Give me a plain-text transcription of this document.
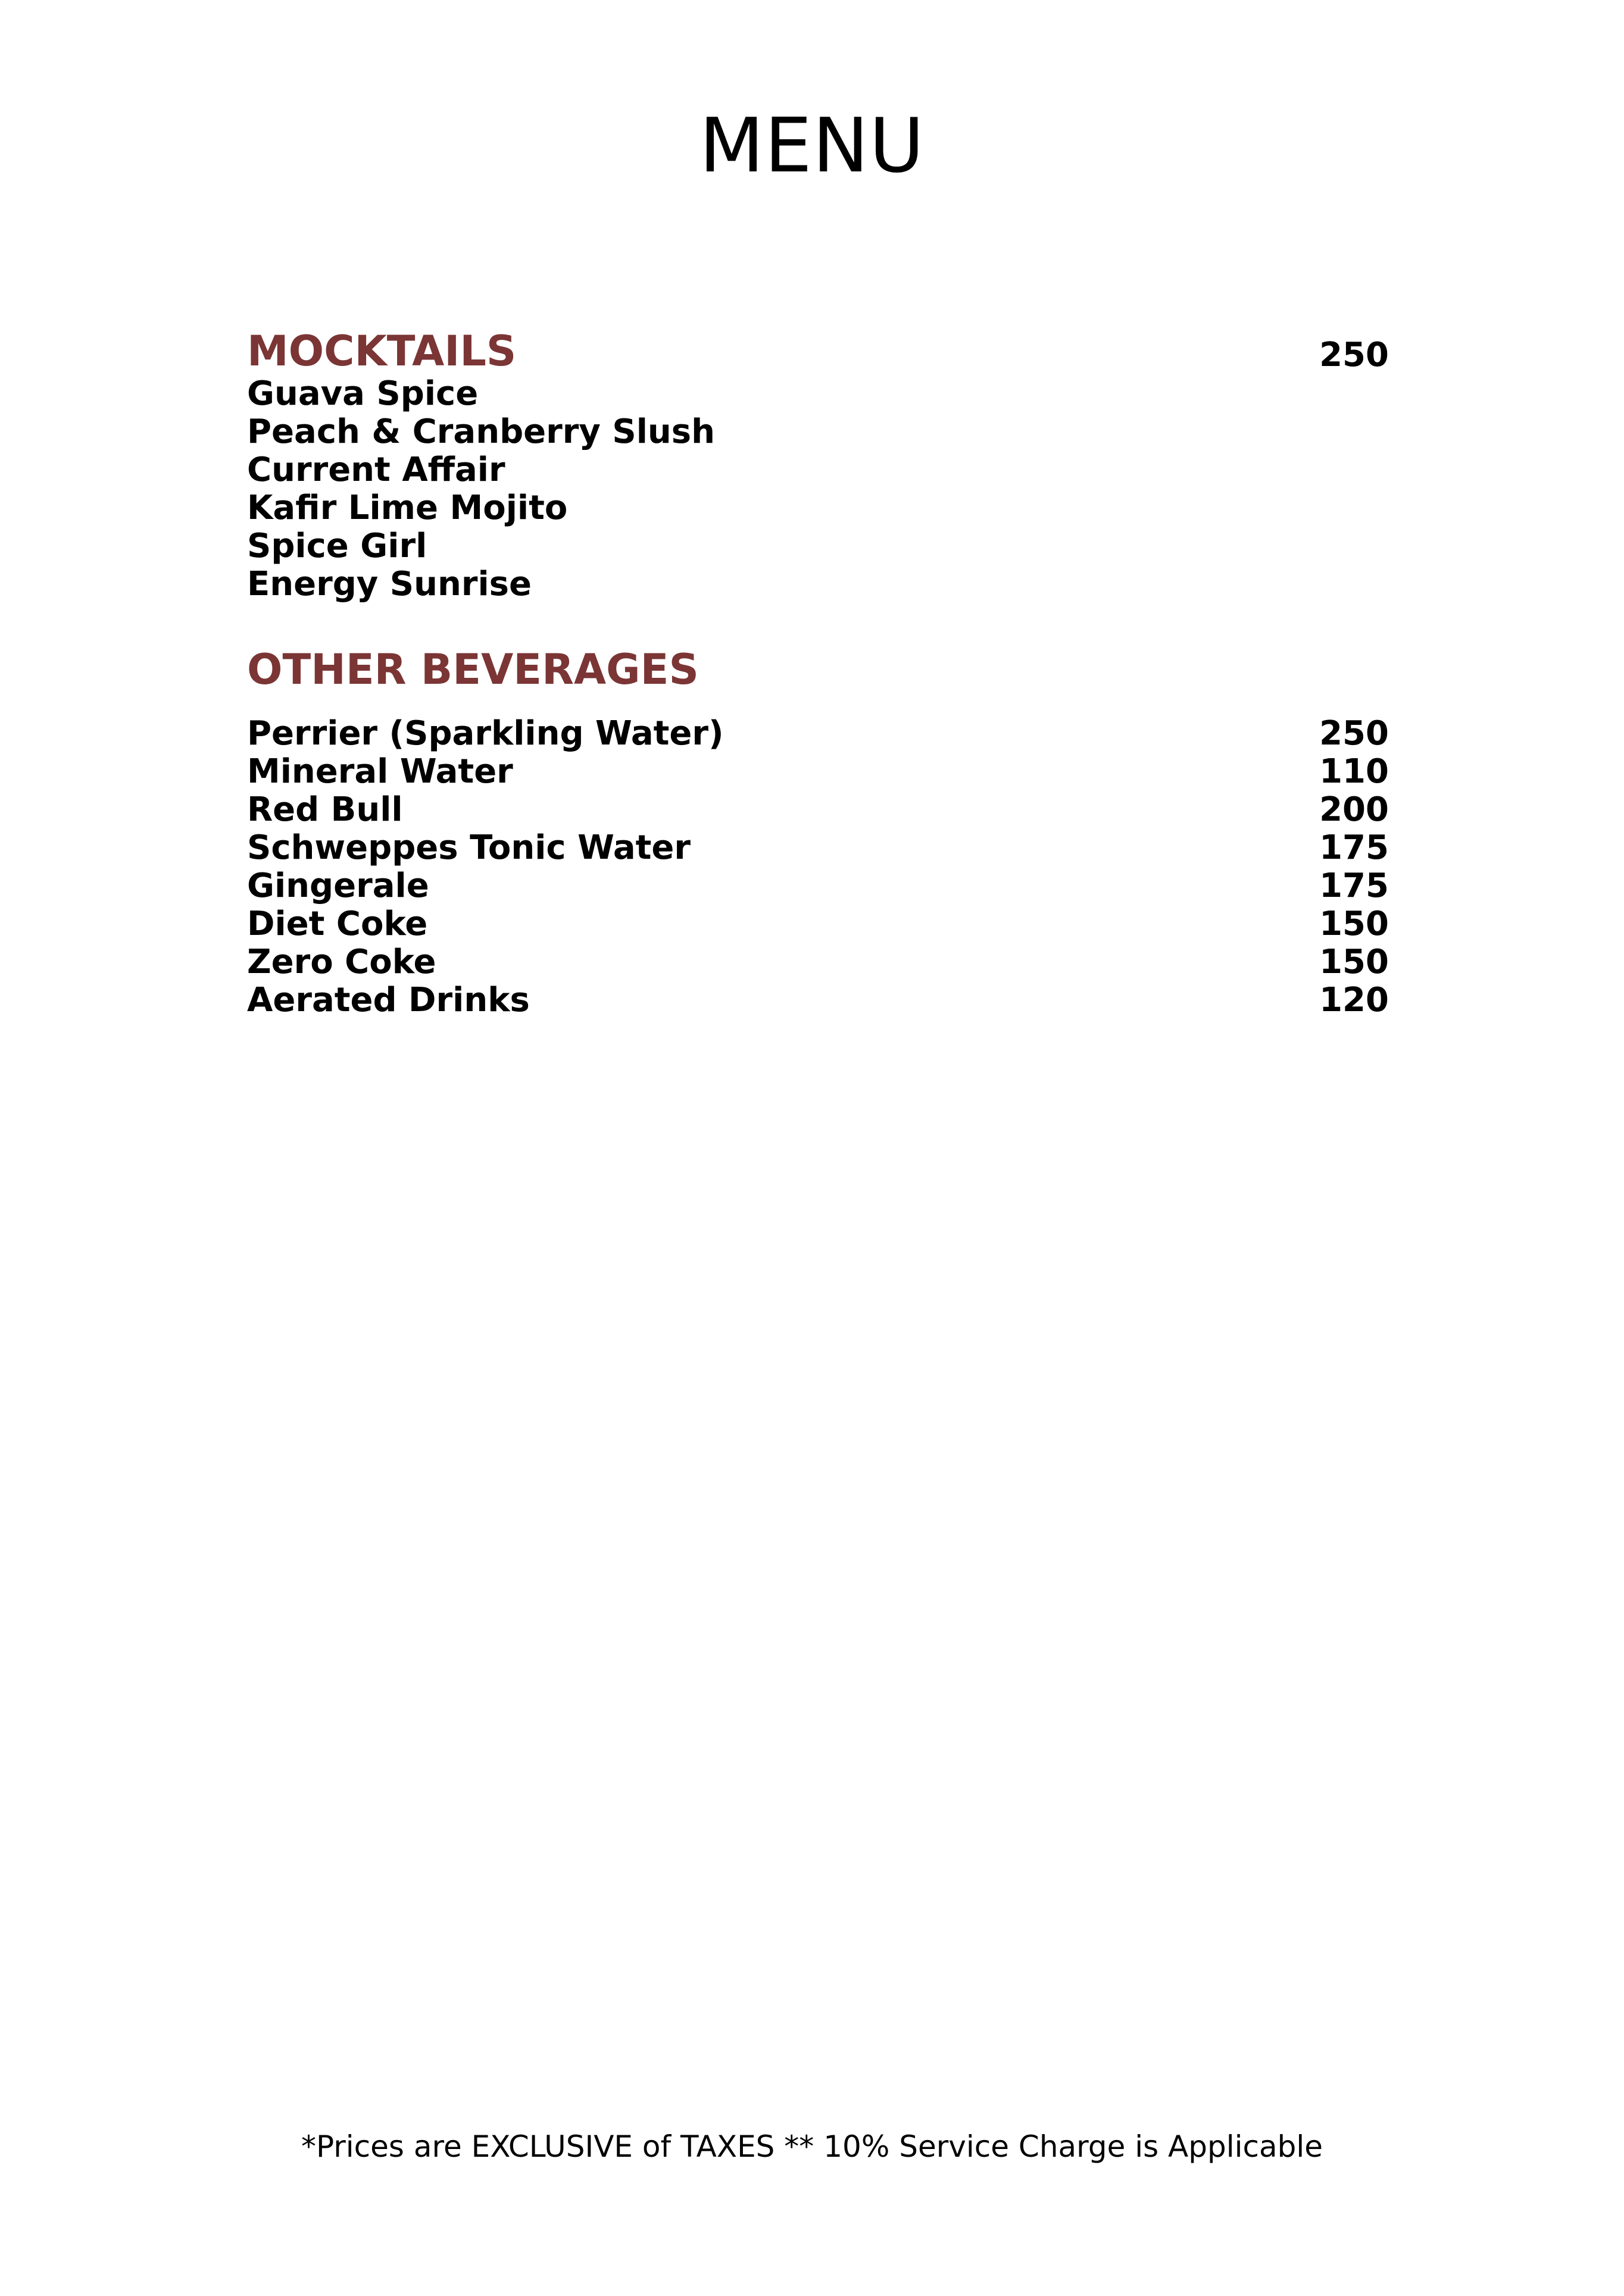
MENU
MOCKTAILS	250
Guava Spice
Peach & Cranberry Slush
Current Affair
Kafir Lime Mojito
Spice Girl
Energy Sunrise
OTHER BEVERAGES
Perrier (Sparkling Water)	250
Mineral Water	110
Red Bull	200
Schweppes Tonic Water	175
Gingerale	175
Diet Coke	150
Zero Coke	150
Aerated Drinks	120
*Prices are EXCLUSIVE of TAXES ** 10% Service Charge is Applicable
